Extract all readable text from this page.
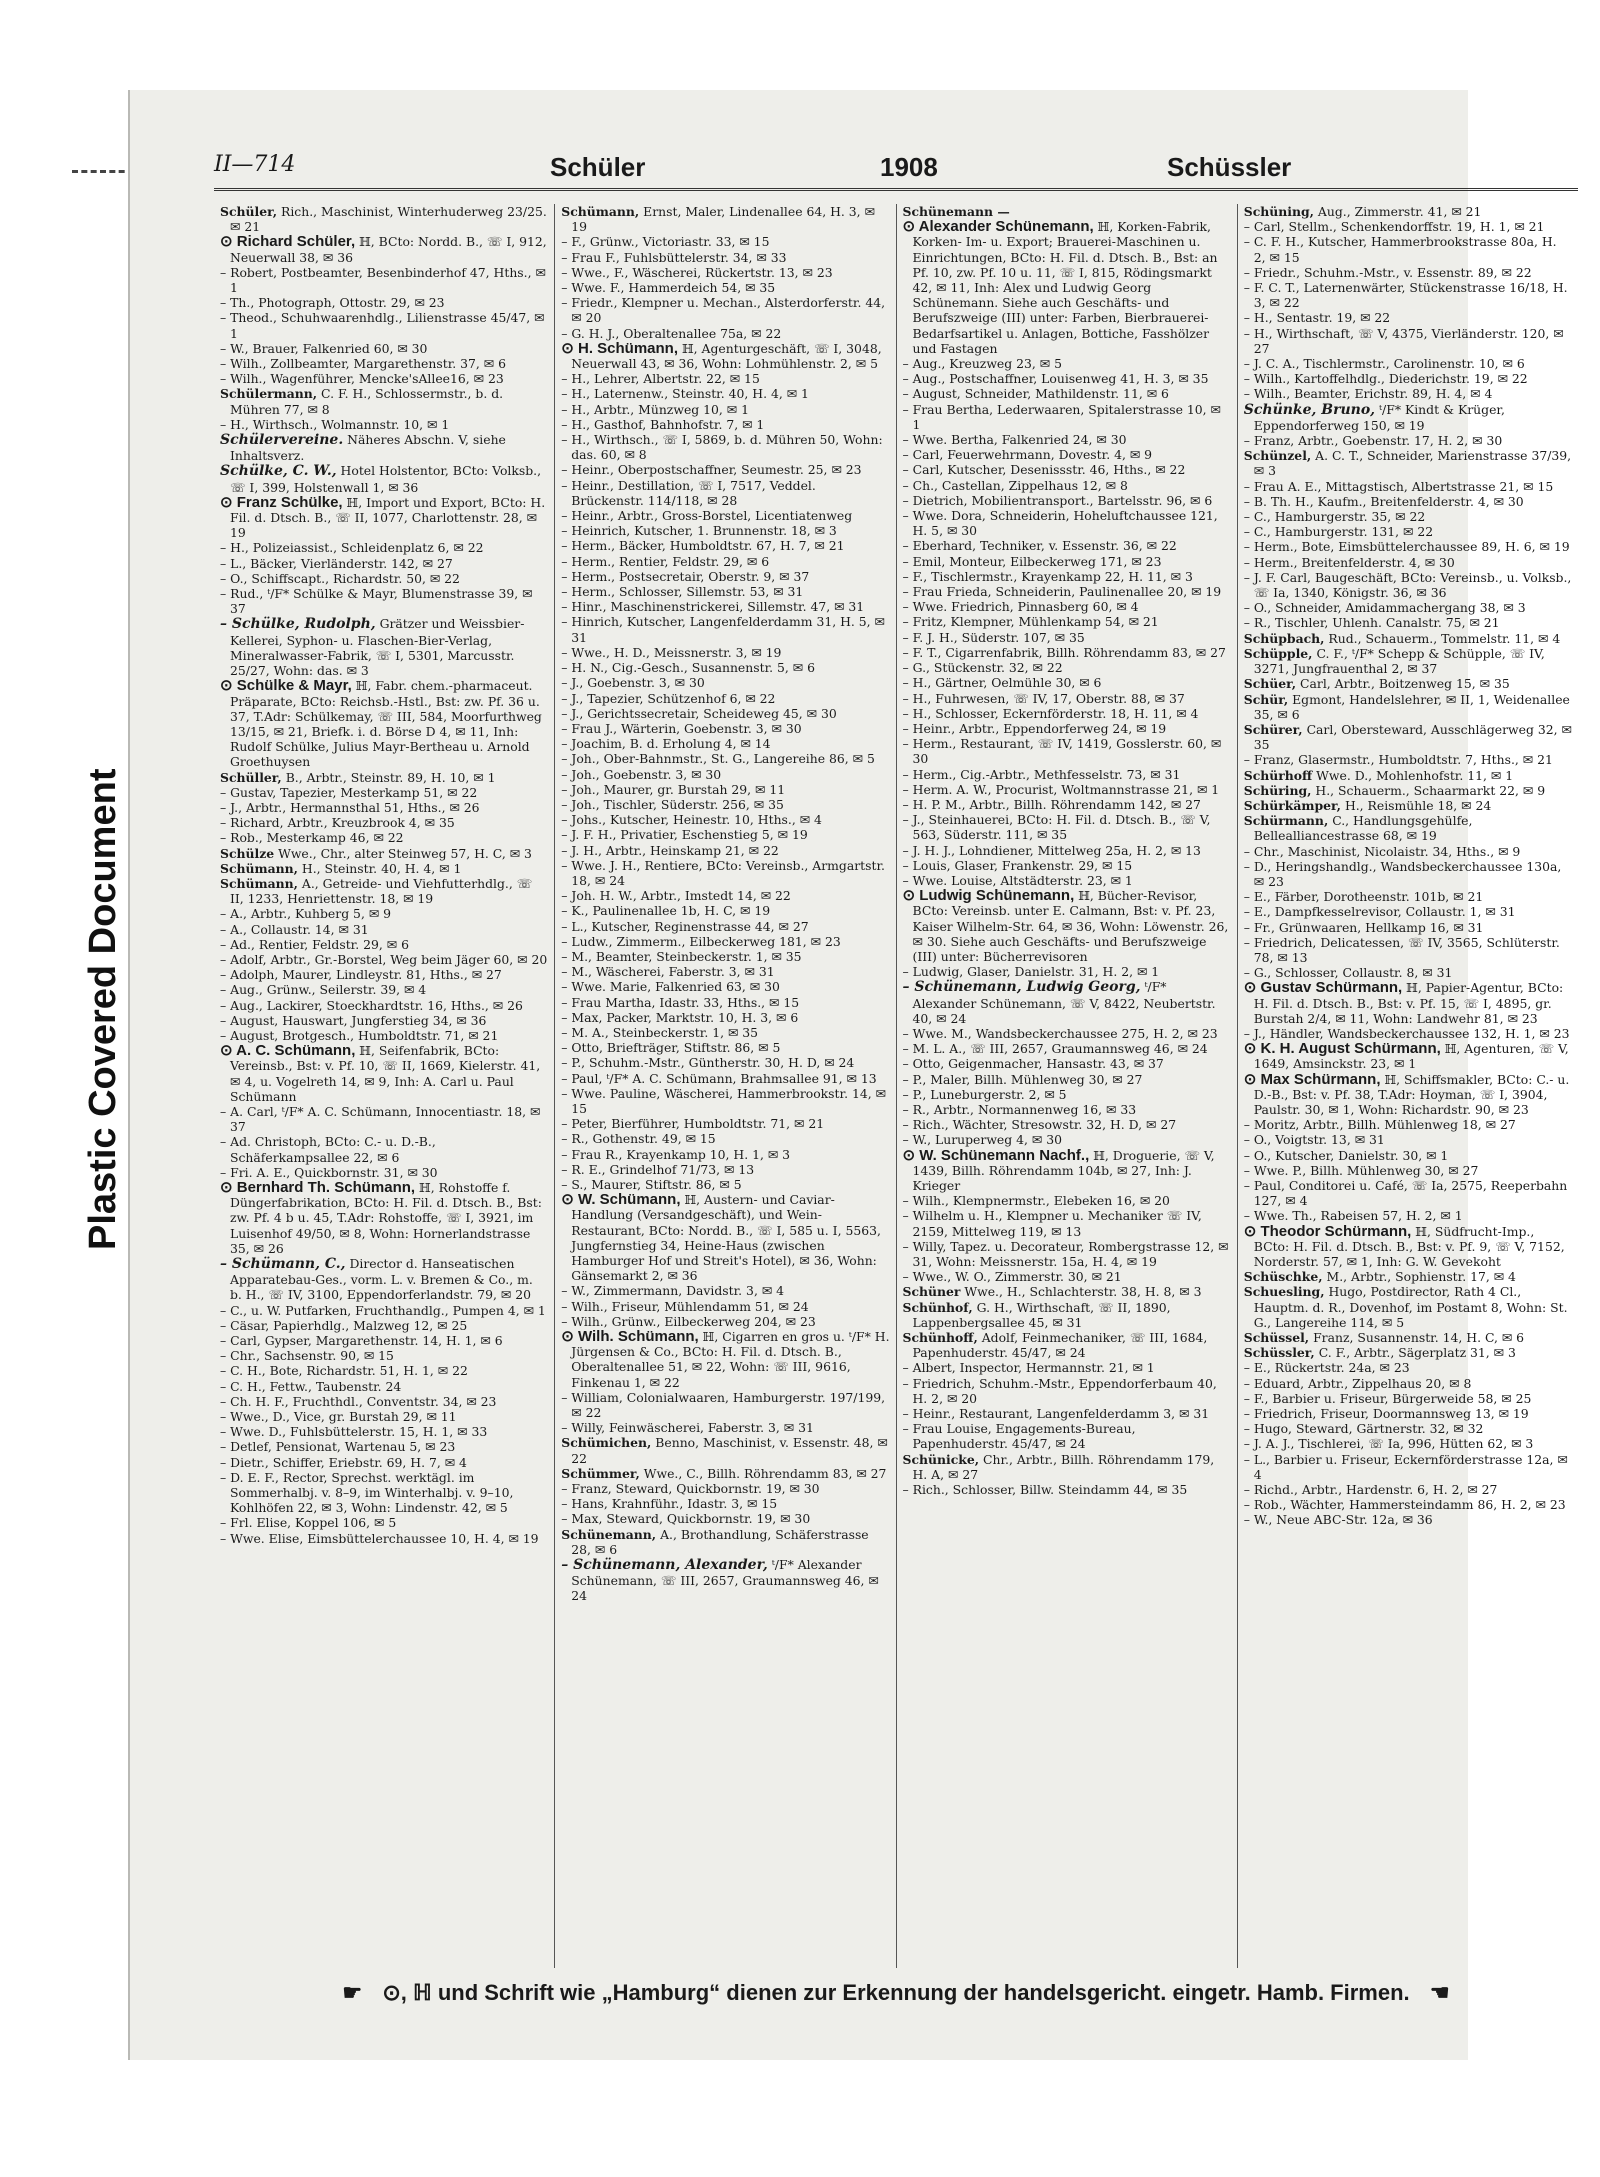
Plastic Covered Document
II—714	Schüler	1908	Schüssler

Schüler, Rich., Maschinist, Winterhuderweg 23/25. ✉ 21

⊙ Richard Schüler, ℍ, BCto: Nordd. B., ☏ I, 912, Neuerwall 38, ✉ 36

– Robert, Postbeamter, Besenbinderhof 47, Hths., ✉ 1

– Th., Photograph, Ottostr. 29, ✉ 23

– Theod., Schuhwaarenhdlg., Lilienstrasse 45/47, ✉ 1

– W., Brauer, Falkenried 60, ✉ 30

– Wilh., Zollbeamter, Margarethenstr. 37, ✉ 6

– Wilh., Wagenführer, Mencke'sAllee16, ✉ 23

Schülermann, C. F. H., Schlossermstr., b. d. Mühren 77, ✉ 8

– H., Wirthsch., Wolmannstr. 10, ✉ 1

Schülervereine. Näheres Abschn. V, siehe Inhaltsverz.

Schülke, C. W., Hotel Holstentor, BCto: Volksb., ☏ I, 399, Holstenwall 1, ✉ 36

⊙ Franz Schülke, ℍ, Import und Export, BCto: H. Fil. d. Dtsch. B., ☏ II, 1077, Charlottenstr. 28, ✉ 19

– H., Polizeiassist., Schleidenplatz 6, ✉ 22

– L., Bäcker, Vierländerstr. 142, ✉ 27

– O., Schiffscapt., Richardstr. 50, ✉ 22

– Rud., ᵗ/F* Schülke & Mayr, Blumenstrasse 39, ✉ 37

– Schülke, Rudolph, Grätzer und Weissbier-Kellerei, Syphon- u. Flaschen-Bier-Verlag, Mineralwasser-Fabrik, ☏ I, 5301, Marcusstr. 25/27, Wohn: das. ✉ 3

⊙ Schülke & Mayr, ℍ, Fabr. chem.-pharmaceut. Präparate, BCto: Reichsb.-Hstl., Bst: zw. Pf. 36 u. 37, T.Adr: Schülkemay, ☏ III, 584, Moorfurthweg 13/15, ✉ 21, Briefk. i. d. Börse D 4, ✉ 11, Inh: Rudolf Schülke, Julius Mayr-Bertheau u. Arnold Groethuysen

Schüller, B., Arbtr., Steinstr. 89, H. 10, ✉ 1

– Gustav, Tapezier, Mesterkamp 51, ✉ 22

– J., Arbtr., Hermannsthal 51, Hths., ✉ 26

– Richard, Arbtr., Kreuzbrook 4, ✉ 35

– Rob., Mesterkamp 46, ✉ 22

Schülze Wwe., Chr., alter Steinweg 57, H. C, ✉ 3

Schümann, H., Steinstr. 40, H. 4, ✉ 1

Schümann, A., Getreide- und Viehfutterhdlg., ☏ II, 1233, Henriettenstr. 18, ✉ 19

– A., Arbtr., Kuhberg 5, ✉ 9

– A., Collaustr. 14, ✉ 31

– Ad., Rentier, Feldstr. 29, ✉ 6

– Adolf, Arbtr., Gr.-Borstel, Weg beim Jäger 60, ✉ 20

– Adolph, Maurer, Lindleystr. 81, Hths., ✉ 27

– Aug., Grünw., Seilerstr. 39, ✉ 4

– Aug., Lackirer, Stoeckhardtstr. 16, Hths., ✉ 26

– August, Hauswart, Jungferstieg 34, ✉ 36

– August, Brotgesch., Humboldtstr. 71, ✉ 21

⊙ A. C. Schümann, ℍ, Seifenfabrik, BCto: Vereinsb., Bst: v. Pf. 10, ☏ II, 1669, Kielerstr. 41, ✉ 4, u. Vogelreth 14, ✉ 9, Inh: A. Carl u. Paul Schümann

– A. Carl, ᵗ/F* A. C. Schümann, Innocentiastr. 18, ✉ 37

– Ad. Christoph, BCto: C.- u. D.-B., Schäferkampsallee 22, ✉ 6

– Fri. A. E., Quickbornstr. 31, ✉ 30

⊙ Bernhard Th. Schümann, ℍ, Rohstoffe f. Düngerfabrikation, BCto: H. Fil. d. Dtsch. B., Bst: zw. Pf. 4 b u. 45, T.Adr: Rohstoffe, ☏ I, 3921, im Luisenhof 49/50, ✉ 8, Wohn: Hornerlandstrasse 35, ✉ 26

– Schümann, C., Director d. Hanseatischen Apparatebau-Ges., vorm. L. v. Bremen & Co., m. b. H., ☏ IV, 3100, Eppendorferlandstr. 79, ✉ 20

– C., u. W. Putfarken, Fruchthandlg., Pumpen 4, ✉ 1

– Cäsar, Papierhdlg., Malzweg 12, ✉ 25

– Carl, Gypser, Margarethenstr. 14, H. 1, ✉ 6

– Chr., Sachsenstr. 90, ✉ 15

– C. H., Bote, Richardstr. 51, H. 1, ✉ 22

– C. H., Fettw., Taubenstr. 24

– Ch. H. F., Fruchthdl., Conventstr. 34, ✉ 23

– Wwe., D., Vice, gr. Burstah 29, ✉ 11

– Wwe. D., Fuhlsbüttelerstr. 15, H. 1, ✉ 33

– Detlef, Pensionat, Wartenau 5, ✉ 23

– Dietr., Schiffer, Eriebstr. 69, H. 7, ✉ 4

– D. E. F., Rector, Sprechst. werktägl. im Sommerhalbj. v. 8–9, im Winterhalbj. v. 9–10, Kohlhöfen 22, ✉ 3, Wohn: Lindenstr. 42, ✉ 5

– Frl. Elise, Koppel 106, ✉ 5

– Wwe. Elise, Eimsbüttelerchaussee 10, H. 4, ✉ 19

Schümann, Ernst, Maler, Lindenallee 64, H. 3, ✉ 19

– F., Grünw., Victoriastr. 33, ✉ 15

– Frau F., Fuhlsbüttelerstr. 34, ✉ 33

– Wwe., F., Wäscherei, Rückertstr. 13, ✉ 23

– Wwe. F., Hammerdeich 54, ✉ 35

– Friedr., Klempner u. Mechan., Alsterdorferstr. 44, ✉ 20

– G. H. J., Oberaltenallee 75a, ✉ 22

⊙ H. Schümann, ℍ, Agenturgeschäft, ☏ I, 3048, Neuerwall 43, ✉ 36, Wohn: Lohmühlenstr. 2, ✉ 5

– H., Lehrer, Albertstr. 22, ✉ 15

– H., Laternenw., Steinstr. 40, H. 4, ✉ 1

– H., Arbtr., Münzweg 10, ✉ 1

– H., Gasthof, Bahnhofstr. 7, ✉ 1

– H., Wirthsch., ☏ I, 5869, b. d. Mühren 50, Wohn: das. 60, ✉ 8

– Heinr., Oberpostschaffner, Seumestr. 25, ✉ 23

– Heinr., Destillation, ☏ I, 7517, Veddel. Brückenstr. 114/118, ✉ 28

– Heinr., Arbtr., Gross-Borstel, Licentiatenweg

– Heinrich, Kutscher, 1. Brunnenstr. 18, ✉ 3

– Herm., Bäcker, Humboldtstr. 67, H. 7, ✉ 21

– Herm., Rentier, Feldstr. 29, ✉ 6

– Herm., Postsecretair, Oberstr. 9, ✉ 37

– Herm., Schlosser, Sillemstr. 53, ✉ 31

– Hinr., Maschinenstrickerei, Sillemstr. 47, ✉ 31

– Hinrich, Kutscher, Langenfelderdamm 31, H. 5, ✉ 31

– Wwe., H. D., Meissnerstr. 3, ✉ 19

– H. N., Cig.-Gesch., Susannenstr. 5, ✉ 6

– J., Goebenstr. 3, ✉ 30

– J., Tapezier, Schützenhof 6, ✉ 22

– J., Gerichtssecretair, Scheideweg 45, ✉ 30

– Frau J., Wärterin, Goebenstr. 3, ✉ 30

– Joachim, B. d. Erholung 4, ✉ 14

– Joh., Ober-Bahnmstr., St. G., Langereihe 86, ✉ 5

– Joh., Goebenstr. 3, ✉ 30

– Joh., Maurer, gr. Burstah 29, ✉ 11

– Joh., Tischler, Süderstr. 256, ✉ 35

– Johs., Kutscher, Heinestr. 10, Hths., ✉ 4

– J. F. H., Privatier, Eschenstieg 5, ✉ 19

– J. H., Arbtr., Heinskamp 21, ✉ 22

– Wwe. J. H., Rentiere, BCto: Vereinsb., Armgartstr. 18, ✉ 24

– Joh. H. W., Arbtr., Imstedt 14, ✉ 22

– K., Paulinenallee 1b, H. C, ✉ 19

– L., Kutscher, Reginenstrasse 44, ✉ 27

– Ludw., Zimmerm., Eilbeckerweg 181, ✉ 23

– M., Beamter, Steinbeckerstr. 1, ✉ 35

– M., Wäscherei, Faberstr. 3, ✉ 31

– Wwe. Marie, Falkenried 63, ✉ 30

– Frau Martha, Idastr. 33, Hths., ✉ 15

– Max, Packer, Marktstr. 10, H. 3, ✉ 6

– M. A., Steinbeckerstr. 1, ✉ 35

– Otto, Briefträger, Stiftstr. 86, ✉ 5

– P., Schuhm.-Mstr., Güntherstr. 30, H. D, ✉ 24

– Paul, ᵗ/F* A. C. Schümann, Brahmsallee 91, ✉ 13

– Wwe. Pauline, Wäscherei, Hammerbrookstr. 14, ✉ 15

– Peter, Bierführer, Humboldtstr. 71, ✉ 21

– R., Gothenstr. 49, ✉ 15

– Frau R., Krayenkamp 10, H. 1, ✉ 3

– R. E., Grindelhof 71/73, ✉ 13

– S., Maurer, Stiftstr. 86, ✉ 5

⊙ W. Schümann, ℍ, Austern- und Caviar-Handlung (Versandgeschäft), und Wein-Restaurant, BCto: Nordd. B., ☏ I, 585 u. I, 5563, Jungfernstieg 34, Heine-Haus (zwischen Hamburger Hof und Streit's Hotel), ✉ 36, Wohn: Gänsemarkt 2, ✉ 36

– W., Zimmermann, Davidstr. 3, ✉ 4

– Wilh., Friseur, Mühlendamm 51, ✉ 24

– Wilh., Grünw., Eilbeckerweg 204, ✉ 23

⊙ Wilh. Schümann, ℍ, Cigarren en gros u. ᵗ/F* H. Jürgensen & Co., BCto: H. Fil. d. Dtsch. B., Oberaltenallee 51, ✉ 22, Wohn: ☏ III, 9616, Finkenau 1, ✉ 22

– William, Colonialwaaren, Hamburgerstr. 197/199, ✉ 22

– Willy, Feinwäscherei, Faberstr. 3, ✉ 31

Schümichen, Benno, Maschinist, v. Essenstr. 48, ✉ 22

Schümmer, Wwe., C., Billh. Röhrendamm 83, ✉ 27

– Franz, Steward, Quickbornstr. 19, ✉ 30

– Hans, Krahnführ., Idastr. 3, ✉ 15

– Max, Steward, Quickbornstr. 19, ✉ 30

Schünemann, A., Brothandlung, Schäferstrasse 28, ✉ 6

– Schünemann, Alexander, ᵗ/F* Alexander Schünemann, ☏ III, 2657, Graumannsweg 46, ✉ 24

Schünemann —

⊙ Alexander Schünemann, ℍ, Korken-Fabrik, Korken- Im- u. Export; Brauerei-Maschinen u. Einrichtungen, BCto: H. Fil. d. Dtsch. B., Bst: an Pf. 10, zw. Pf. 10 u. 11, ☏ I, 815, Rödingsmarkt 42, ✉ 11, Inh: Alex und Ludwig Georg Schünemann. Siehe auch Geschäfts- und Berufszweige (III) unter: Farben, Bierbrauerei-Bedarfsartikel u. Anlagen, Bottiche, Fasshölzer und Fastagen

– Aug., Kreuzweg 23, ✉ 5

– Aug., Postschaffner, Louisenweg 41, H. 3, ✉ 35

– August, Schneider, Mathildenstr. 11, ✉ 6

– Frau Bertha, Lederwaaren, Spitalerstrasse 10, ✉ 1

– Wwe. Bertha, Falkenried 24, ✉ 30

– Carl, Feuerwehrmann, Dovestr. 4, ✉ 9

– Carl, Kutscher, Desenissstr. 46, Hths., ✉ 22

– Ch., Castellan, Zippelhaus 12, ✉ 8

– Dietrich, Mobilientransport., Bartelsstr. 96, ✉ 6

– Wwe. Dora, Schneiderin, Hoheluftchaussee 121, H. 5, ✉ 30

– Eberhard, Techniker, v. Essenstr. 36, ✉ 22

– Emil, Monteur, Eilbeckerweg 171, ✉ 23

– F., Tischlermstr., Krayenkamp 22, H. 11, ✉ 3

– Frau Frieda, Schneiderin, Paulinenallee 20, ✉ 19

– Wwe. Friedrich, Pinnasberg 60, ✉ 4

– Fritz, Klempner, Mühlenkamp 54, ✉ 21

– F. J. H., Süderstr. 107, ✉ 35

– F. T., Cigarrenfabrik, Billh. Röhrendamm 83, ✉ 27

– G., Stückenstr. 32, ✉ 22

– H., Gärtner, Oelmühle 30, ✉ 6

– H., Fuhrwesen, ☏ IV, 17, Oberstr. 88, ✉ 37

– H., Schlosser, Eckernförderstr. 18, H. 11, ✉ 4

– Heinr., Arbtr., Eppendorferweg 24, ✉ 19

– Herm., Restaurant, ☏ IV, 1419, Gosslerstr. 60, ✉ 30

– Herm., Cig.-Arbtr., Methfesselstr. 73, ✉ 31

– Herm. A. W., Procurist, Woltmannstrasse 21, ✉ 1

– H. P. M., Arbtr., Billh. Röhrendamm 142, ✉ 27

– J., Steinhauerei, BCto: H. Fil. d. Dtsch. B., ☏ V, 563, Süderstr. 111, ✉ 35

– J. H. J., Lohndiener, Mittelweg 25a, H. 2, ✉ 13

– Louis, Glaser, Frankenstr. 29, ✉ 15

– Wwe. Louise, Altstädterstr. 23, ✉ 1

⊙ Ludwig Schünemann, ℍ, Bücher-Revisor, BCto: Vereinsb. unter E. Calmann, Bst: v. Pf. 23, Kaiser Wilhelm-Str. 64, ✉ 36, Wohn: Löwenstr. 26, ✉ 30. Siehe auch Geschäfts- und Berufszweige (III) unter: Bücherrevisoren

– Ludwig, Glaser, Danielstr. 31, H. 2, ✉ 1

– Schünemann, Ludwig Georg, ᵗ/F* Alexander Schünemann, ☏ V, 8422, Neubertstr. 40, ✉ 24

– Wwe. M., Wandsbeckerchaussee 275, H. 2, ✉ 23

– M. L. A., ☏ III, 2657, Graumannsweg 46, ✉ 24

– Otto, Geigenmacher, Hansastr. 43, ✉ 37

– P., Maler, Billh. Mühlenweg 30, ✉ 27

– P., Luneburgerstr. 2, ✉ 5

– R., Arbtr., Normannenweg 16, ✉ 33

– Rich., Wächter, Stresowstr. 32, H. D, ✉ 27

– W., Luruperweg 4, ✉ 30

⊙ W. Schünemann Nachf., ℍ, Droguerie, ☏ V, 1439, Billh. Röhrendamm 104b, ✉ 27, Inh: J. Krieger

– Wilh., Klempnermstr., Elebeken 16, ✉ 20

– Wilhelm u. H., Klempner u. Mechaniker ☏ IV, 2159, Mittelweg 119, ✉ 13

– Willy, Tapez. u. Decorateur, Rombergstrasse 12, ✉ 31, Wohn: Meissnerstr. 15a, H. 4, ✉ 19

– Wwe., W. O., Zimmerstr. 30, ✉ 21

Schüner Wwe., H., Schlachterstr. 38, H. 8, ✉ 3

Schünhof, G. H., Wirthschaft, ☏ II, 1890, Lappenbergsallee 45, ✉ 31

Schünhoff, Adolf, Feinmechaniker, ☏ III, 1684, Papenhuderstr. 45/47, ✉ 24

– Albert, Inspector, Hermannstr. 21, ✉ 1

– Friedrich, Schuhm.-Mstr., Eppendorferbaum 40, H. 2, ✉ 20

– Heinr., Restaurant, Langenfelderdamm 3, ✉ 31

– Frau Louise, Engagements-Bureau, Papenhuderstr. 45/47, ✉ 24

Schünicke, Chr., Arbtr., Billh. Röhrendamm 179, H. A, ✉ 27

– Rich., Schlosser, Billw. Steindamm 44, ✉ 35

Schüning, Aug., Zimmerstr. 41, ✉ 21

– Carl, Stellm., Schenkendorffstr. 19, H. 1, ✉ 21

– C. F. H., Kutscher, Hammerbrookstrasse 80a, H. 2, ✉ 15

– Friedr., Schuhm.-Mstr., v. Essenstr. 89, ✉ 22

– F. C. T., Laternenwärter, Stückenstrasse 16/18, H. 3, ✉ 22

– H., Sentastr. 19, ✉ 22

– H., Wirthschaft, ☏ V, 4375, Vierländerstr. 120, ✉ 27

– J. C. A., Tischlermstr., Carolinenstr. 10, ✉ 6

– Wilh., Kartoffelhdlg., Diederichstr. 19, ✉ 22

– Wilh., Beamter, Erichstr. 89, H. 4, ✉ 4

Schünke, Bruno, ᵗ/F* Kindt & Krüger, Eppendorferweg 150, ✉ 19

– Franz, Arbtr., Goebenstr. 17, H. 2, ✉ 30

Schünzel, A. C. T., Schneider, Marienstrasse 37/39, ✉ 3

– Frau A. E., Mittagstisch, Albertstrasse 21, ✉ 15

– B. Th. H., Kaufm., Breitenfelderstr. 4, ✉ 30

– C., Hamburgerstr. 35, ✉ 22

– C., Hamburgerstr. 131, ✉ 22

– Herm., Bote, Eimsbüttelerchaussee 89, H. 6, ✉ 19

– Herm., Breitenfelderstr. 4, ✉ 30

– J. F. Carl, Baugeschäft, BCto: Vereinsb., u. Volksb., ☏ Ia, 1340, Königstr. 36, ✉ 36

– O., Schneider, Amidammachergang 38, ✉ 3

– R., Tischler, Uhlenh. Canalstr. 75, ✉ 21

Schüpbach, Rud., Schauerm., Tommelstr. 11, ✉ 4

Schüpple, C. F., ᵗ/F* Schepp & Schüpple, ☏ IV, 3271, Jungfrauenthal 2, ✉ 37

Schüer, Carl, Arbtr., Boitzenweg 15, ✉ 35

Schür, Egmont, Handelslehrer, ✉ II, 1, Weidenallee 35, ✉ 6

Schürer, Carl, Obersteward, Ausschlägerweg 32, ✉ 35

– Franz, Glasermstr., Humboldtstr. 7, Hths., ✉ 21

Schürhoff Wwe. D., Mohlenhofstr. 11, ✉ 1

Schüring, H., Schauerm., Schaarmarkt 22, ✉ 9

Schürkämper, H., Reismühle 18, ✉ 24

Schürmann, C., Handlungsgehülfe, Bellealliancestrasse 68, ✉ 19

– Chr., Maschinist, Nicolaistr. 34, Hths., ✉ 9

– D., Heringshandlg., Wandsbeckerchaussee 130a, ✉ 23

– E., Färber, Dorotheenstr. 101b, ✉ 21

– E., Dampfkesselrevisor, Collaustr. 1, ✉ 31

– Fr., Grünwaaren, Hellkamp 16, ✉ 31

– Friedrich, Delicatessen, ☏ IV, 3565, Schlüterstr. 78, ✉ 13

– G., Schlosser, Collaustr. 8, ✉ 31

⊙ Gustav Schürmann, ℍ, Papier-Agentur, BCto: H. Fil. d. Dtsch. B., Bst: v. Pf. 15, ☏ I, 4895, gr. Burstah 2/4, ✉ 11, Wohn: Landwehr 81, ✉ 23

– J., Händler, Wandsbeckerchaussee 132, H. 1, ✉ 23

⊙ K. H. August Schürmann, ℍ, Agenturen, ☏ V, 1649, Amsinckstr. 23, ✉ 1

⊙ Max Schürmann, ℍ, Schiffsmakler, BCto: C.- u. D.-B., Bst: v. Pf. 38, T.Adr: Hoyman, ☏ I, 3904, Paulstr. 30, ✉ 1, Wohn: Richardstr. 90, ✉ 23

– Moritz, Arbtr., Billh. Mühlenweg 18, ✉ 27

– O., Voigtstr. 13, ✉ 31

– O., Kutscher, Danielstr. 30, ✉ 1

– Wwe. P., Billh. Mühlenweg 30, ✉ 27

– Paul, Conditorei u. Café, ☏ Ia, 2575, Reeperbahn 127, ✉ 4

– Wwe. Th., Rabeisen 57, H. 2, ✉ 1

⊙ Theodor Schürmann, ℍ, Südfrucht-Imp., BCto: H. Fil. d. Dtsch. B., Bst: v. Pf. 9, ☏ V, 7152, Norderstr. 57, ✉ 1, Inh: G. W. Gevekoht

Schüschke, M., Arbtr., Sophienstr. 17, ✉ 4

Schuesling, Hugo, Postdirector, Rath 4 Cl., Hauptm. d. R., Dovenhof, im Postamt 8, Wohn: St. G., Langereihe 114, ✉ 5

Schüssel, Franz, Susannenstr. 14, H. C, ✉ 6

Schüssler, C. F., Arbtr., Sägerplatz 31, ✉ 3

– E., Rückertstr. 24a, ✉ 23

– Eduard, Arbtr., Zippelhaus 20, ✉ 8

– F., Barbier u. Friseur, Bürgerweide 58, ✉ 25

– Friedrich, Friseur, Doormannsweg 13, ✉ 19

– Hugo, Steward, Gärtnerstr. 32, ✉ 32

– J. A. J., Tischlerei, ☏ Ia, 996, Hütten 62, ✉ 3

– L., Barbier u. Friseur, Eckernförderstrasse 12a, ✉ 4

– Richd., Arbtr., Hardenstr. 6, H. 2, ✉ 27

– Rob., Wächter, Hammersteindamm 86, H. 2, ✉ 23

– W., Neue ABC-Str. 12a, ✉ 36

☛ ⊙, ℍ und Schrift wie „Hamburg“ dienen zur Erkennung der handelsgericht. eingetr. Hamb. Firmen. ☚
